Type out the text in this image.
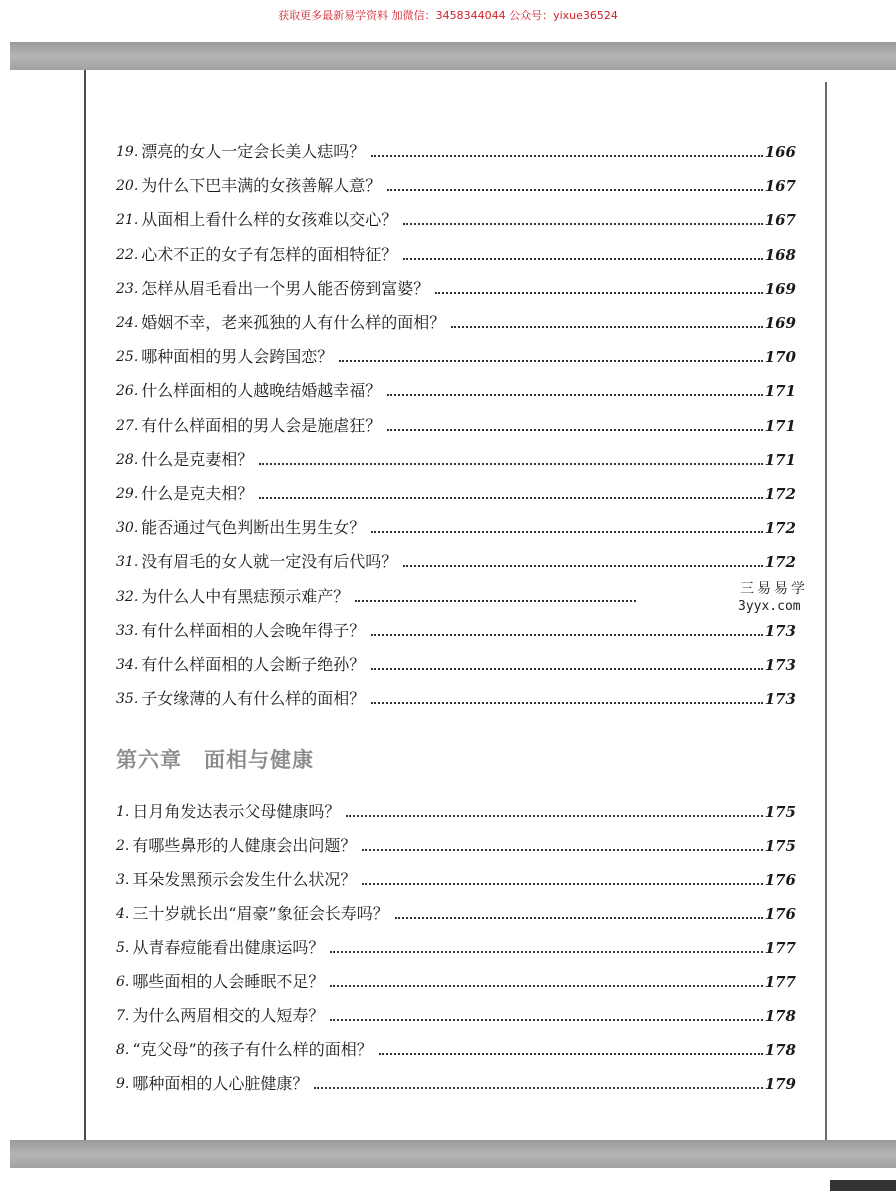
获取更多最新易学资料 加微信：3458344044 公众号：yixue36524
19. 漂亮的女人一定会长美人痣吗？	166
20. 为什么下巴丰满的女孩善解人意？	167
21. 从面相上看什么样的女孩难以交心？	167
22. 心术不正的女子有怎样的面相特征？	168
23. 怎样从眉毛看出一个男人能否傍到富婆？	169
24. 婚姻不幸，老来孤独的人有什么样的面相？	169
25. 哪种面相的男人会跨国恋？	170
26. 什么样面相的人越晚结婚越幸福？	171
27. 有什么样面相的男人会是施虐狂？	171
28. 什么是克妻相？	171
29. 什么是克夫相？	172
30. 能否通过气色判断出生男生女？	172
31. 没有眉毛的女人就一定没有后代吗？	172
32. 为什么人中有黑痣预示难产？
33. 有什么样面相的人会晚年得子？	173
34. 有什么样面相的人会断子绝孙？	173
35. 子女缘薄的人有什么样的面相？	173
第六章 面相与健康
1. 日月角发达表示父母健康吗？	175
2. 有哪些鼻形的人健康会出问题？	175
3. 耳朵发黑预示会发生什么状况？	176
4. 三十岁就长出“眉豪”象征会长寿吗？	176
5. 从青春痘能看出健康运吗？	177
6. 哪些面相的人会睡眠不足？	177
7. 为什么两眉相交的人短寿？	178
8. “克父母”的孩子有什么样的面相？	178
9. 哪种面相的人心脏健康？	179
三易易学
3yyx.com
